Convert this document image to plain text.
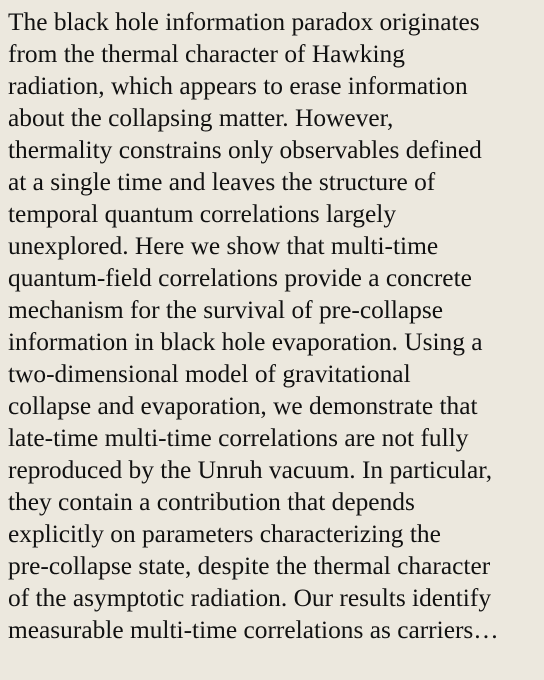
The black hole information paradox originates
from the thermal character of Hawking
radiation, which appears to erase information
about the collapsing matter. However,
thermality constrains only observables defined
at a single time and leaves the structure of
temporal quantum correlations largely
unexplored. Here we show that multi-time
quantum-field correlations provide a concrete
mechanism for the survival of pre-collapse
information in black hole evaporation. Using a
two-dimensional model of gravitational
collapse and evaporation, we demonstrate that
late-time multi-time correlations are not fully
reproduced by the Unruh vacuum. In particular,
they contain a contribution that depends
explicitly on parameters characterizing the
pre-collapse state, despite the thermal character
of the asymptotic radiation. Our results identify
measurable multi-time correlations as carriers…
